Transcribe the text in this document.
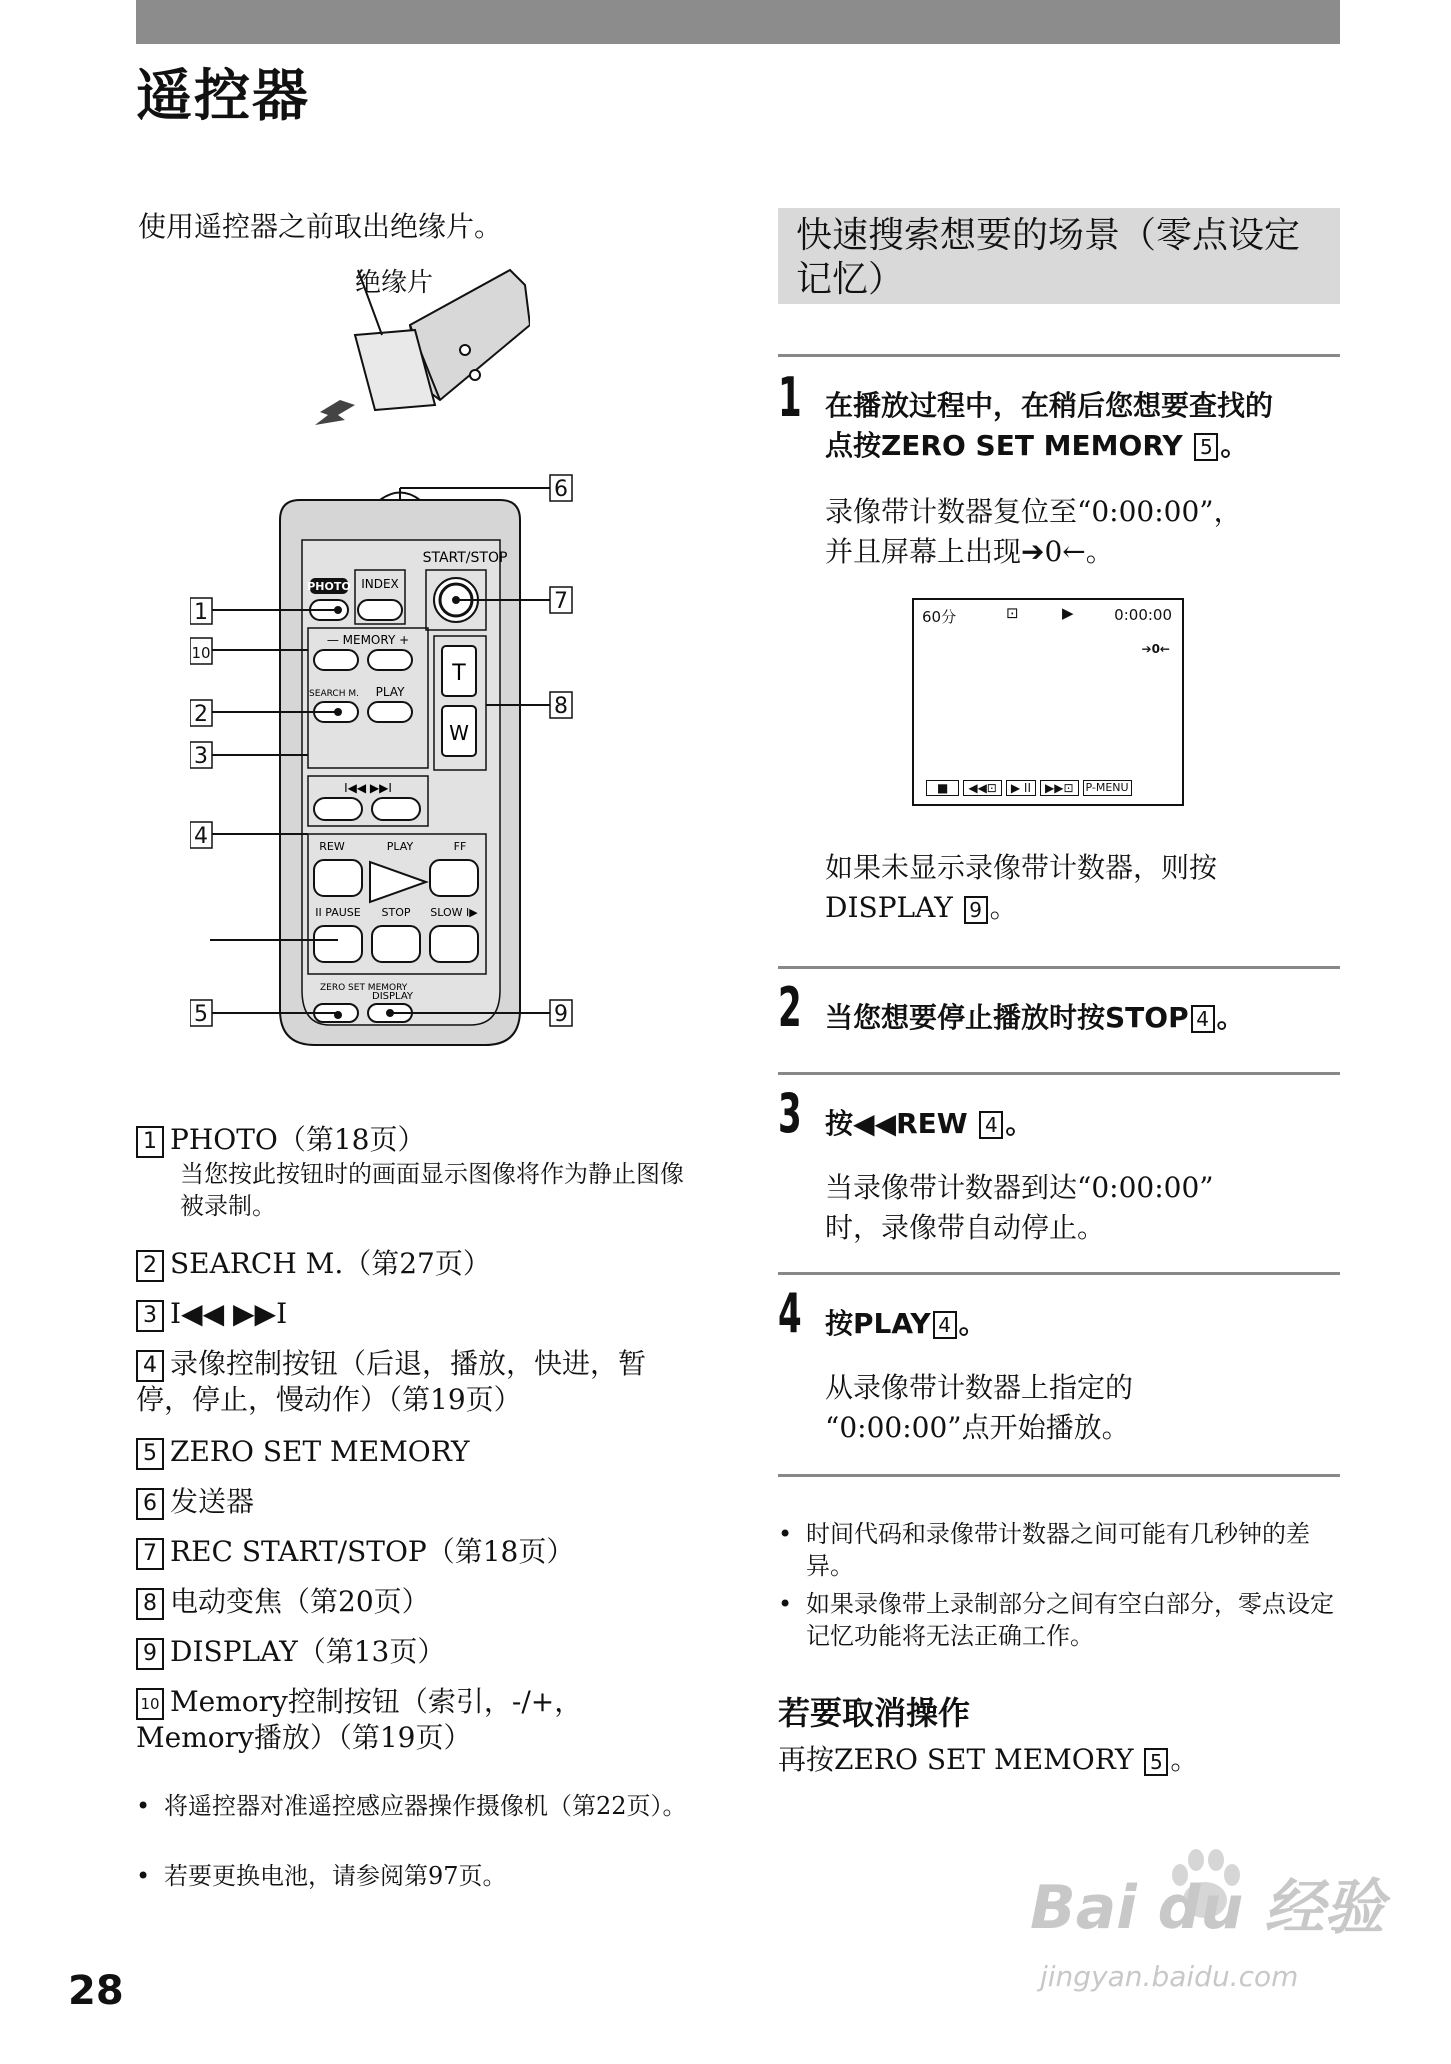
遥控器
使用遥控器之前取出绝缘片。
绝缘片
START/STOP
PHOTO INDEX
— MEMORY +
SEARCH M. PLAY
T
W
I◀◀ ▶▶I
REW	PLAY	FF
II PAUSE STOP SLOW I▶
ZERO SET MEMORY
DISPLAY
1
10
2
3
4
5
6
7
8
9
1 PHOTO（第18页）
当您按此按钮时的画面显示图像将作为静止图像被录制。
2 SEARCH M.（第27页）
3 I◀◀ ▶▶I
4 录像控制按钮（后退，播放，快进，暂停，停止，慢动作）（第19页）
5 ZERO SET MEMORY
6 发送器
7 REC START/STOP（第18页）
8 电动变焦（第20页）
9 DISPLAY（第13页）
10 Memory控制按钮（索引，-/+，Memory播放）（第19页）
• 将遥控器对准遥控感应器操作摄像机（第22页）。
• 若要更换电池，请参阅第97页。
快速搜索想要的场景（零点设定记忆）
1 在播放过程中，在稍后您想要查找的
点按ZERO SET MEMORY 5 。
录像带计数器复位至“0:00:00”，
并且屏幕上出现➔0←。
60分	⊡	▶	0:00:00
➔0←
■	◀◀⊡	▶ II	▶▶⊡	P-MENU
如果未显示录像带计数器，则按
DISPLAY 9 。
2 当您想要停止播放时按STOP 4 。
3 按◀◀REW 4 。
当录像带计数器到达“0:00:00”
时，录像带自动停止。
4 按PLAY 4 。
从录像带计数器上指定的
“0:00:00”点开始播放。
• 时间代码和录像带计数器之间可能有几秒钟的差异。
• 如果录像带上录制部分之间有空白部分，零点设定记忆功能将无法正确工作。
若要取消操作
再按ZERO SET MEMORY 5 。
28
Bai du 经验
jingyan.baidu.com
